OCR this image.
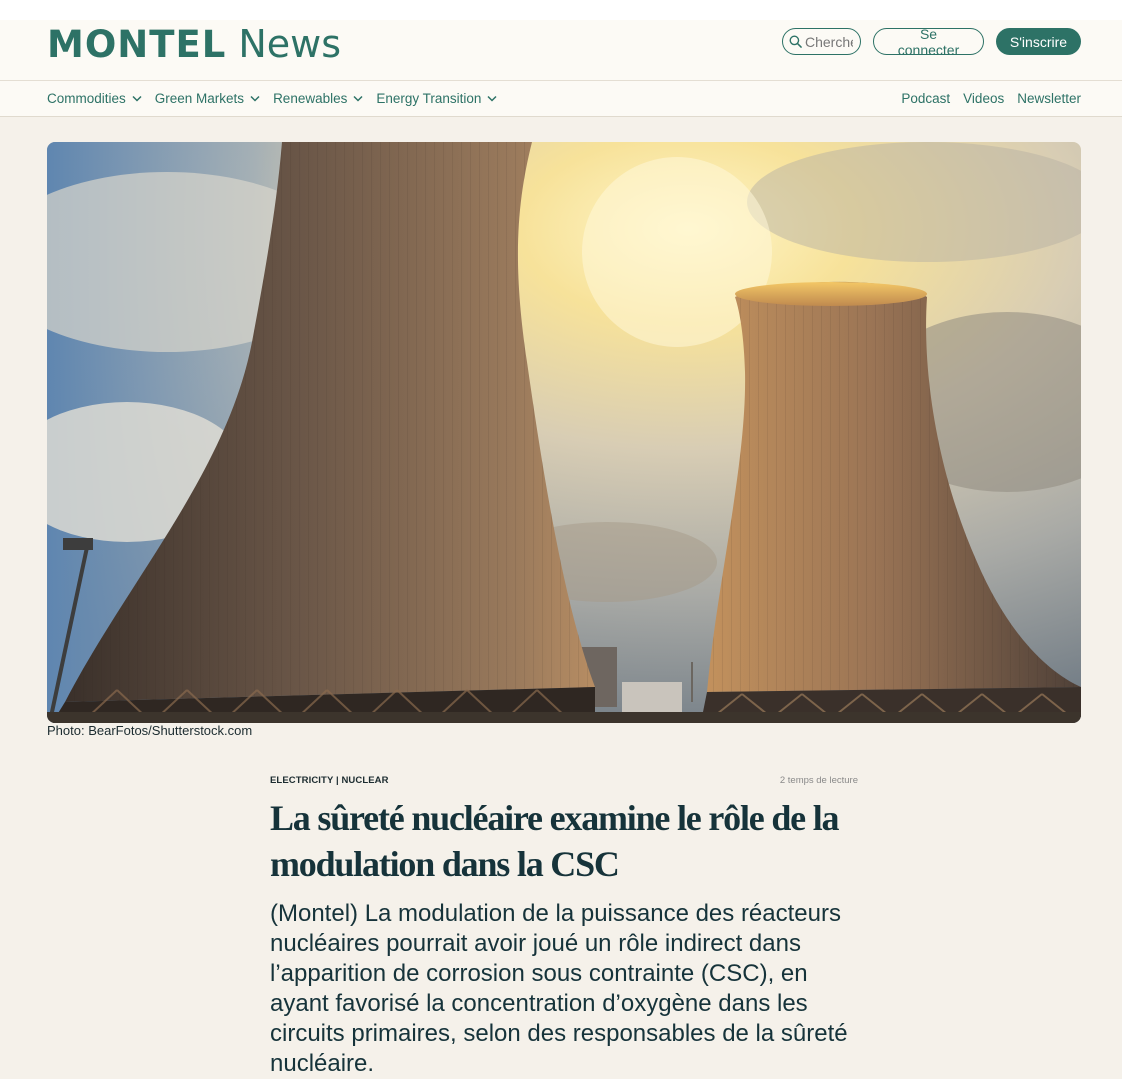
MONTEL News
Cherche	Se connecter	S'inscrire
Commodities Green Markets Renewables Energy Transition	Podcast Videos Newsletter
Photo: BearFotos/Shutterstock.com
ELECTRICITY | NUCLEAR	2 temps de lecture
La sûreté nucléaire examine le rôle de la modulation dans la CSC

(Montel) La modulation de la puissance des réacteurs nucléaires pourrait avoir joué un rôle indirect dans l’apparition de corrosion sous contrainte (CSC), en ayant favorisé la concentration d’oxygène dans les circuits primaires, selon des responsables de la sûreté nucléaire.
